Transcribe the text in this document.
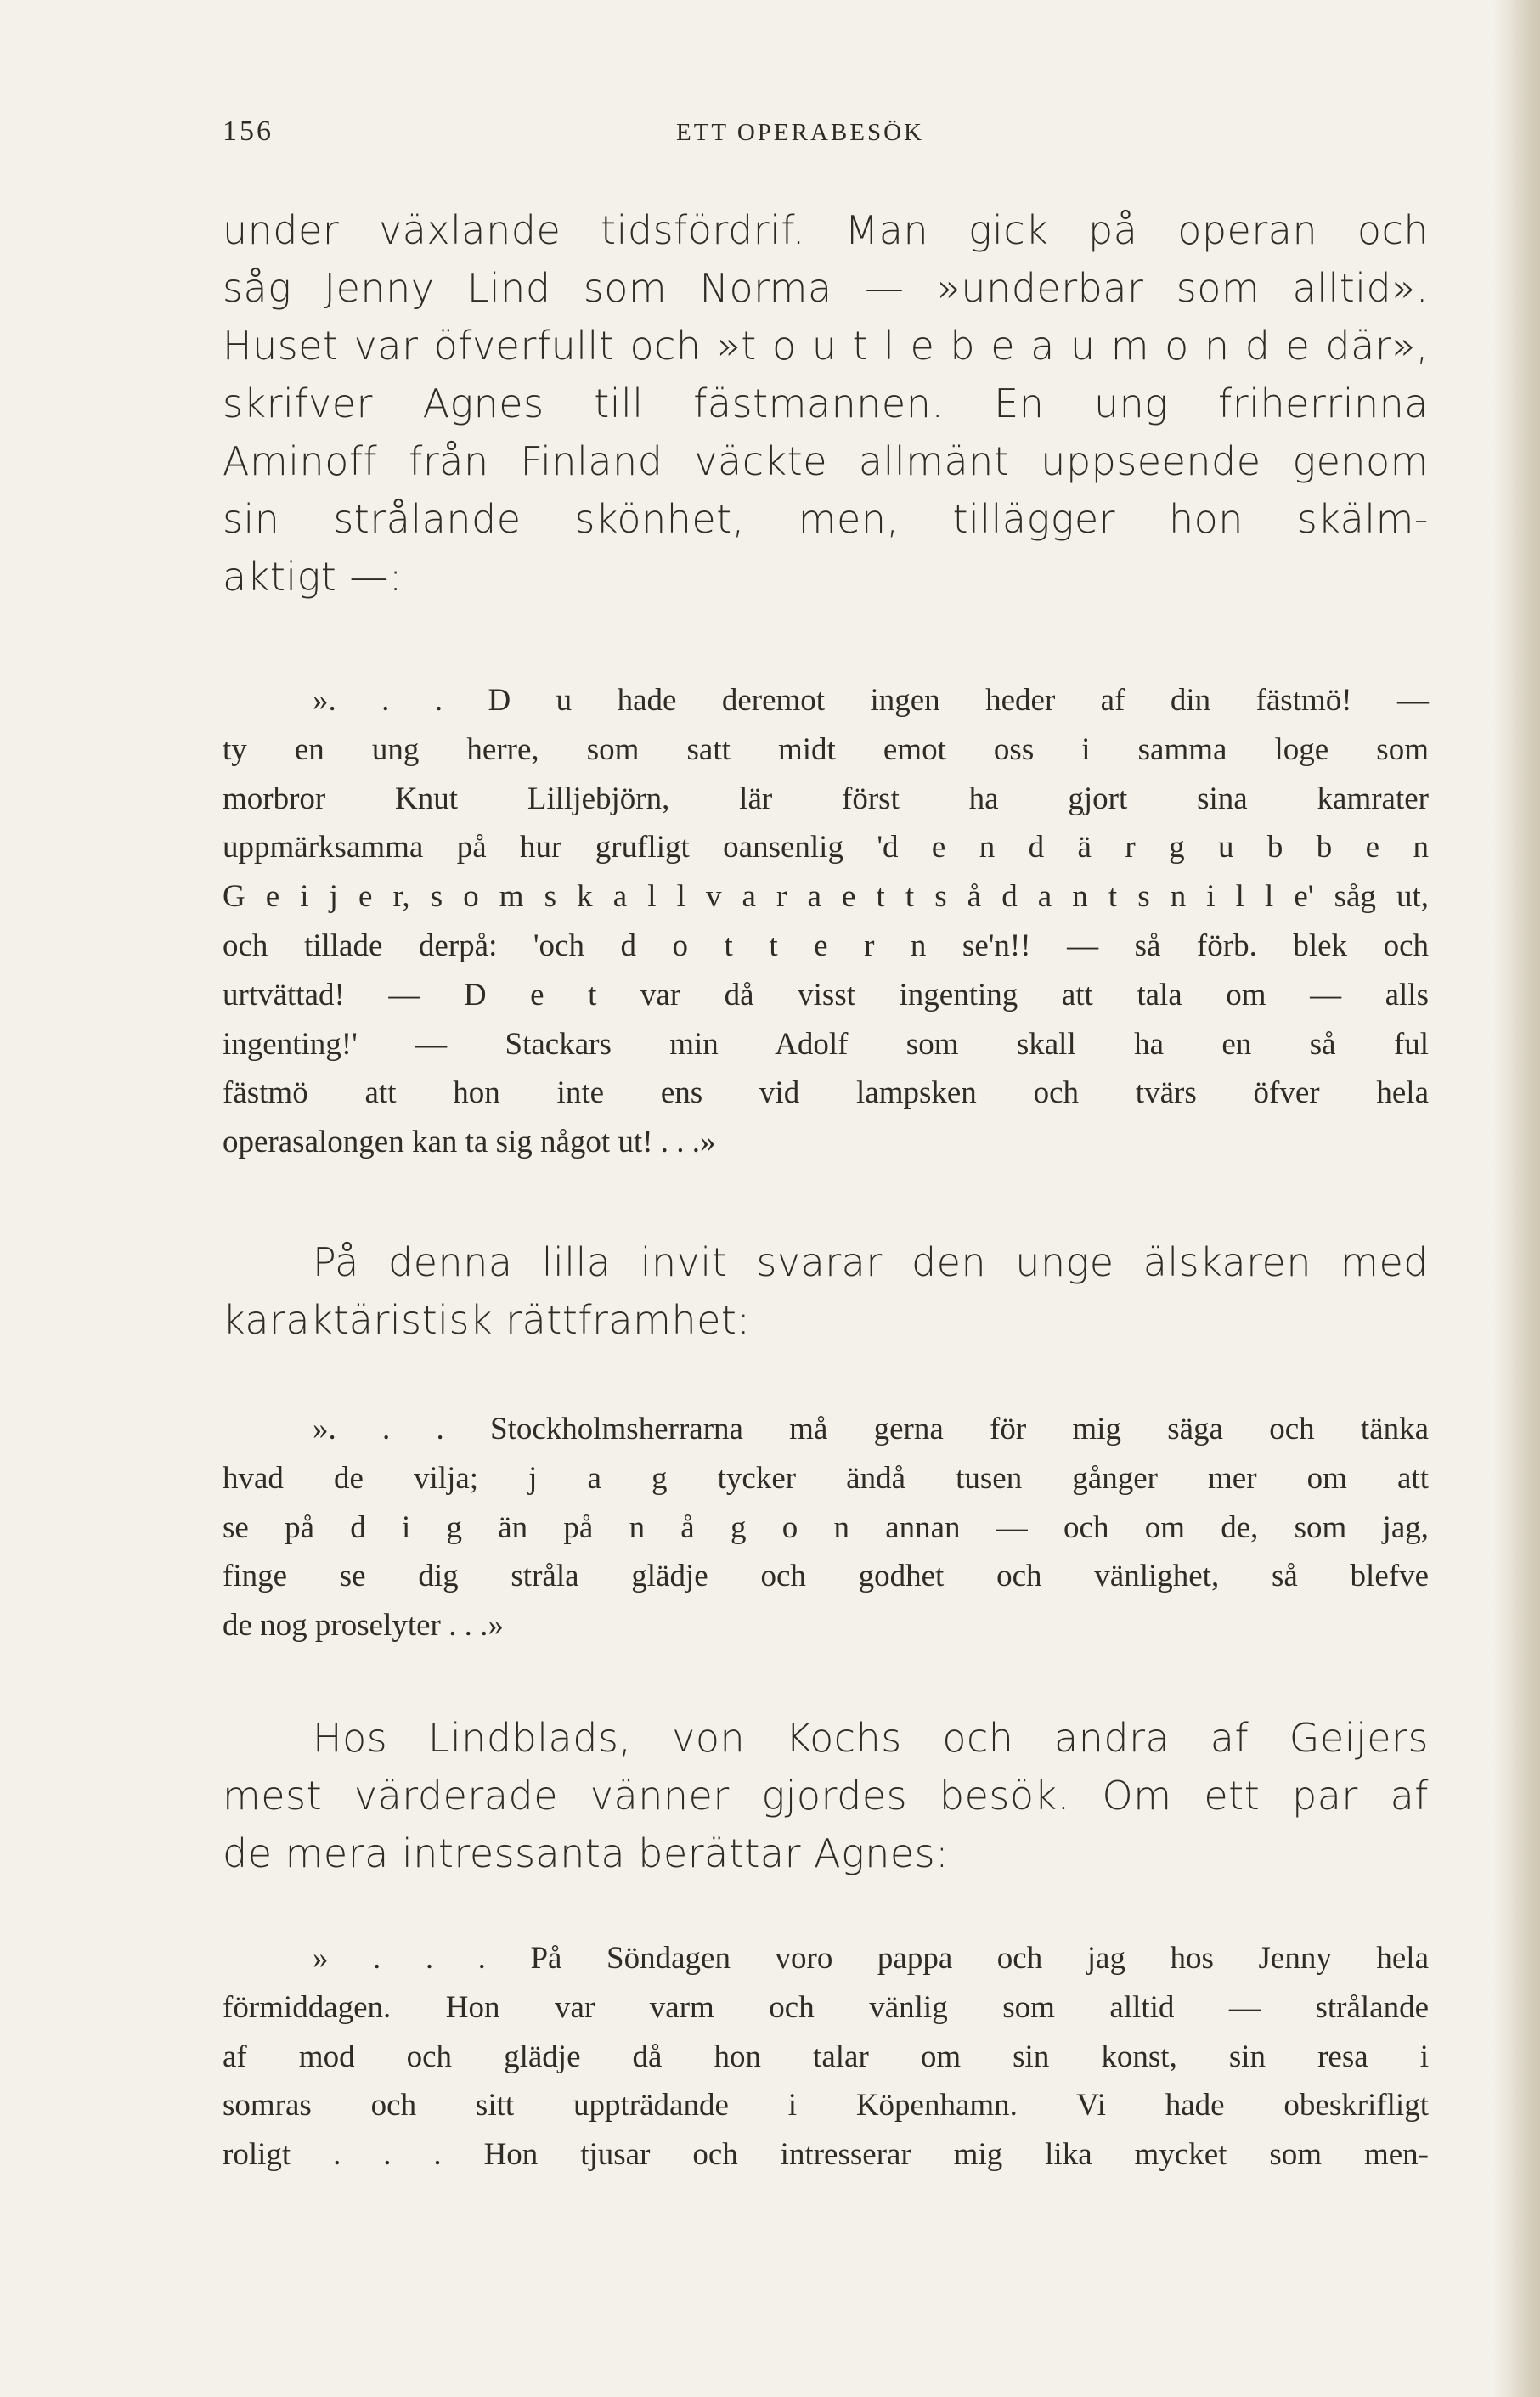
156	ETT OPERABESÖK
under växlande tidsfördrif. Man gick på operan och
såg Jenny Lind som Norma — »underbar som alltid».
Huset var öfverfullt och »t o u t l e b e a u m o n d e där»,
skrifver Agnes till fästmannen. En ung friherrinna
Aminoff från Finland väckte allmänt uppseende genom
sin strålande skönhet, men, tillägger hon skälm-
aktigt —:
». . . D u hade deremot ingen heder af din fästmö! —
ty en ung herre, som satt midt emot oss i samma loge som
morbror Knut Lilljebjörn, lär först ha gjort sina kamrater
uppmärksamma på hur grufligt oansenlig 'd e n d ä r g u b b e n
G e i j e r, s o m s k a l l v a r a e t t s å d a n t s n i l l e' såg ut,
och tillade derpå: 'och d o t t e r n se'n!! — så förb. blek och
urtvättad! — D e t var då visst ingenting att tala om — alls
ingenting!' — Stackars min Adolf som skall ha en så ful
fästmö att hon inte ens vid lampsken och tvärs öfver hela
operasalongen kan ta sig något ut! . . .»
På denna lilla invit svarar den unge älskaren med
karaktäristisk rättframhet:
». . . Stockholmsherrarna må gerna för mig säga och tänka
hvad de vilja; j a g tycker ändå tusen gånger mer om att
se på d i g än på n å g o n annan — och om de, som jag,
finge se dig stråla glädje och godhet och vänlighet, så blefve
de nog proselyter . . .»
Hos Lindblads, von Kochs och andra af Geijers
mest värderade vänner gjordes besök. Om ett par af
de mera intressanta berättar Agnes:
» . . . På Söndagen voro pappa och jag hos Jenny hela
förmiddagen. Hon var varm och vänlig som alltid — strålande
af mod och glädje då hon talar om sin konst, sin resa i
somras och sitt uppträdande i Köpenhamn. Vi hade obeskrifligt
roligt . . . Hon tjusar och intresserar mig lika mycket som men-
